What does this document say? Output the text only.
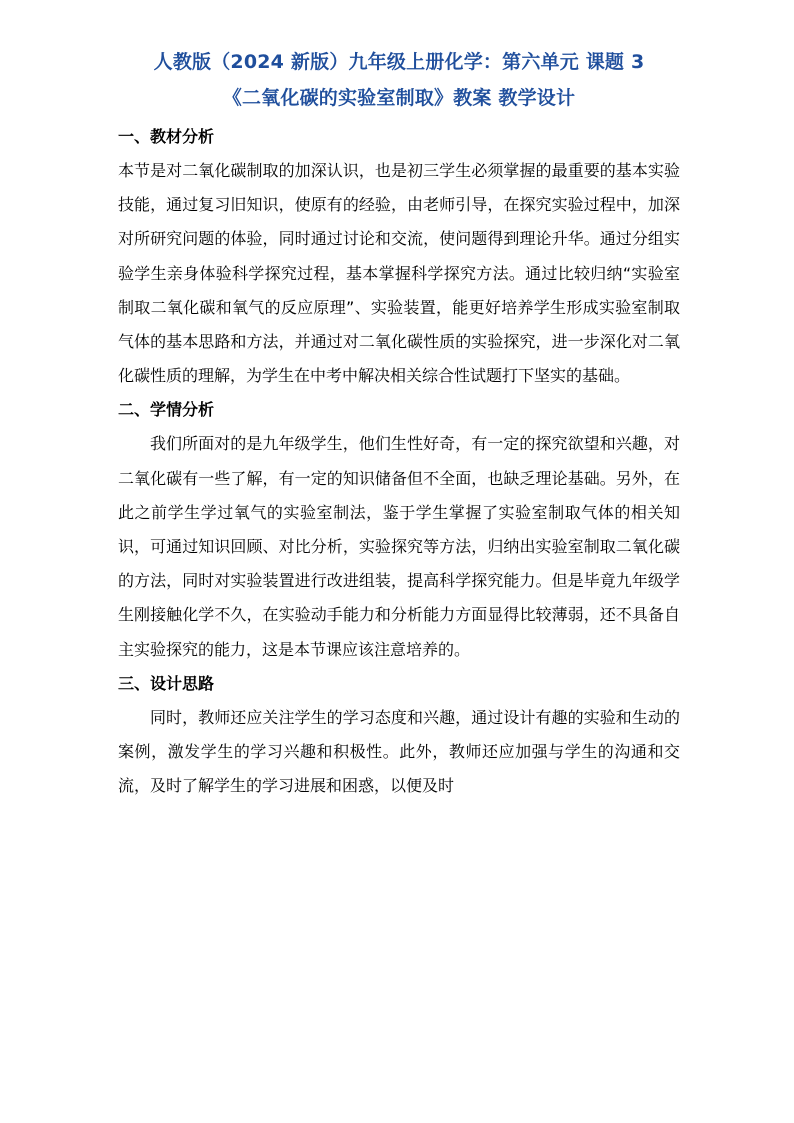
人教版（2024 新版）九年级上册化学：第六单元 课题 3
《二氧化碳的实验室制取》教案 教学设计
一、教材分析

本节是对二氧化碳制取的加深认识，也是初三学生必须掌握的最重要的基本实验技能，通过复习旧知识，使原有的经验，由老师引导，在探究实验过程中，加深对所研究问题的体验，同时通过讨论和交流，使问题得到理论升华。通过分组实验学生亲身体验科学探究过程，基本掌握科学探究方法。通过比较归纳“实验室制取二氧化碳和氧气的反应原理”、实验装置，能更好培养学生形成实验室制取气体的基本思路和方法，并通过对二氧化碳性质的实验探究，进一步深化对二氧化碳性质的理解，为学生在中考中解决相关综合性试题打下坚实的基础。

二、学情分析

我们所面对的是九年级学生，他们生性好奇，有一定的探究欲望和兴趣，对二氧化碳有一些了解，有一定的知识储备但不全面，也缺乏理论基础。另外，在此之前学生学过氧气的实验室制法，鉴于学生掌握了实验室制取气体的相关知识，可通过知识回顾、对比分析，实验探究等方法，归纳出实验室制取二氧化碳的方法，同时对实验装置进行改进组装，提高科学探究能力。但是毕竟九年级学生刚接触化学不久，在实验动手能力和分析能力方面显得比较薄弱，还不具备自主实验探究的能力，这是本节课应该注意培养的。

三、设计思路

同时，教师还应关注学生的学习态度和兴趣，通过设计有趣的实验和生动的案例，激发学生的学习兴趣和积极性。此外，教师还应加强与学生的沟通和交流，及时了解学生的学习进展和困惑，以便及时
